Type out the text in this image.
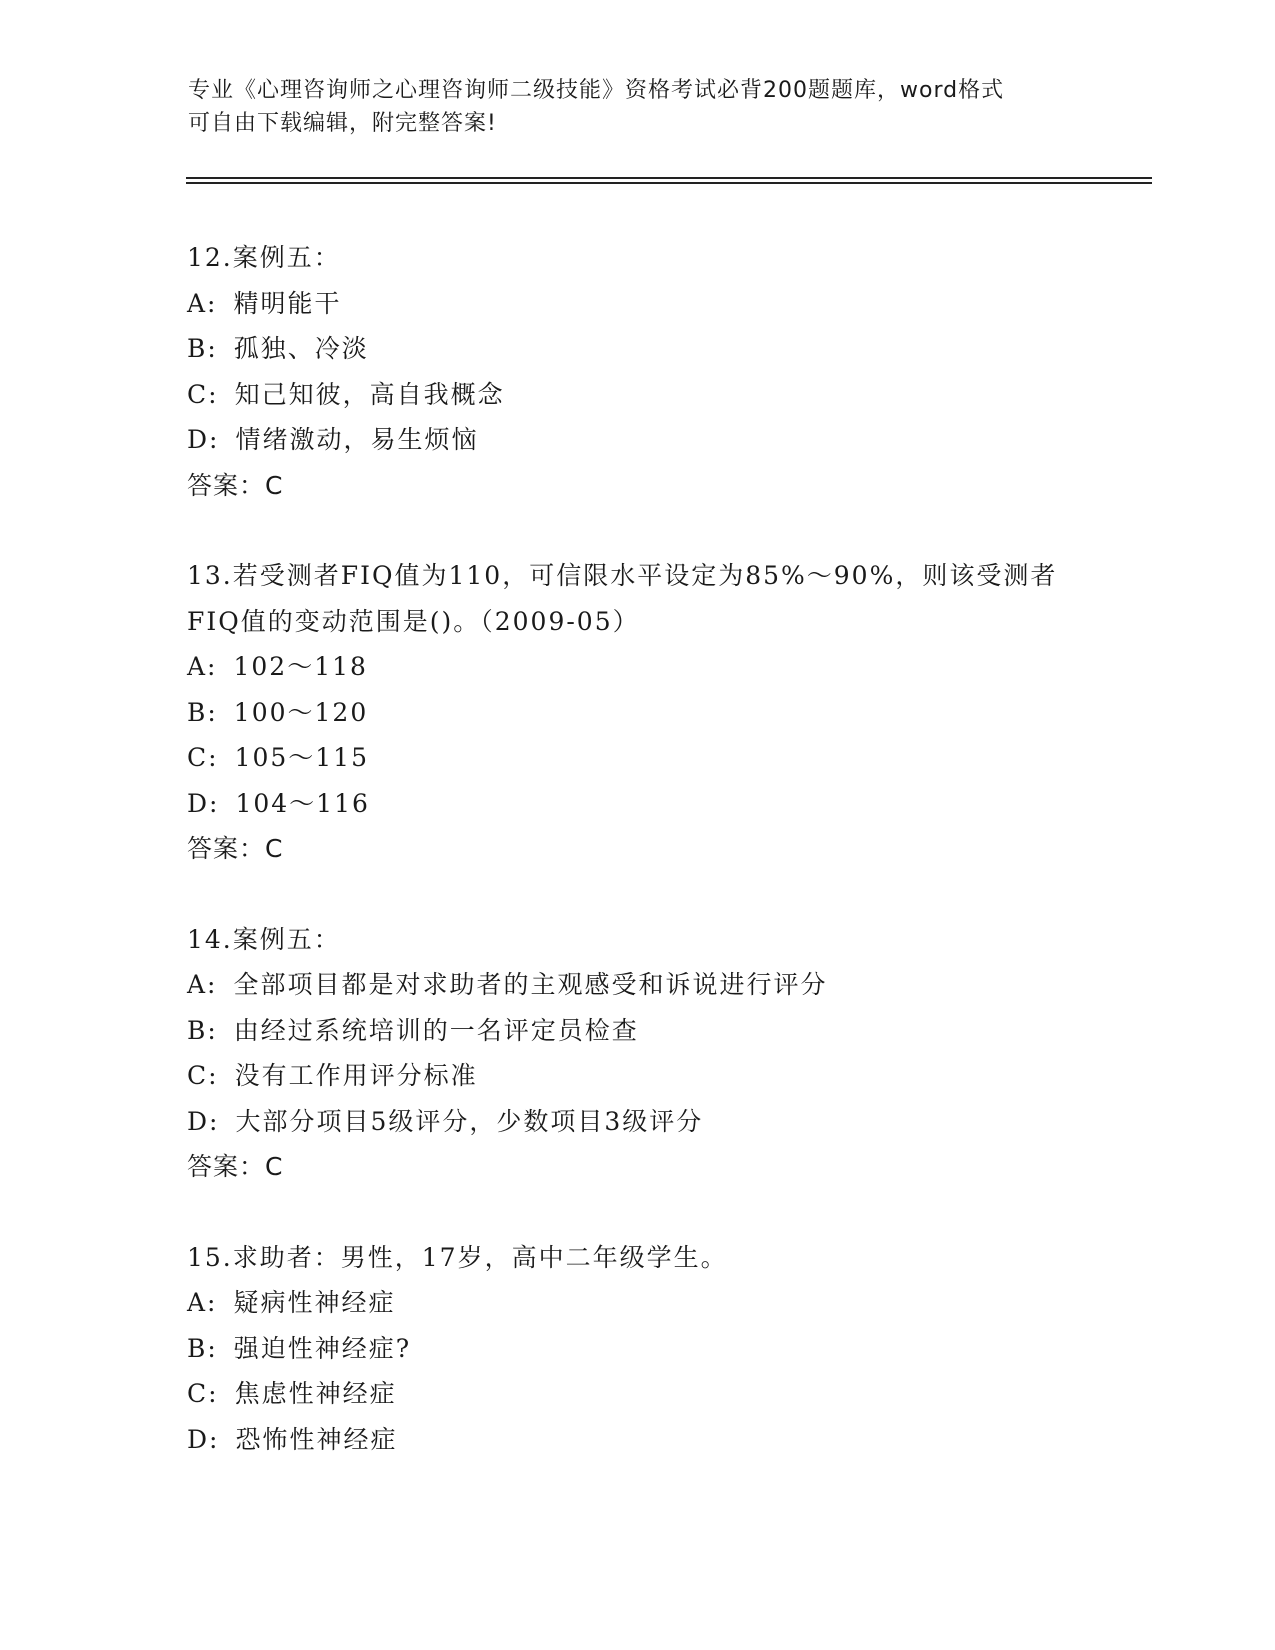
专业《心理咨询师之心理咨询师二级技能》资格考试必背200题题库，word格式
可自由下载编辑，附完整答案!
12.案例五：
A: 精明能干
B: 孤独、冷淡
C: 知己知彼，高自我概念
D: 情绪激动，易生烦恼
答案：C
13.若受测者FIQ值为110，可信限水平设定为85%～90%，则该受测者
FIQ值的变动范围是()。（2009-05）
A: 102～118
B: 100～120
C: 105～115
D: 104～116
答案：C
14.案例五：
A: 全部项目都是对求助者的主观感受和诉说进行评分
B: 由经过系统培训的一名评定员检查
C: 没有工作用评分标准
D: 大部分项目5级评分，少数项目3级评分
答案：C
15.求助者：男性，17岁，高中二年级学生。
A: 疑病性神经症
B: 强迫性神经症?
C: 焦虑性神经症
D: 恐怖性神经症
